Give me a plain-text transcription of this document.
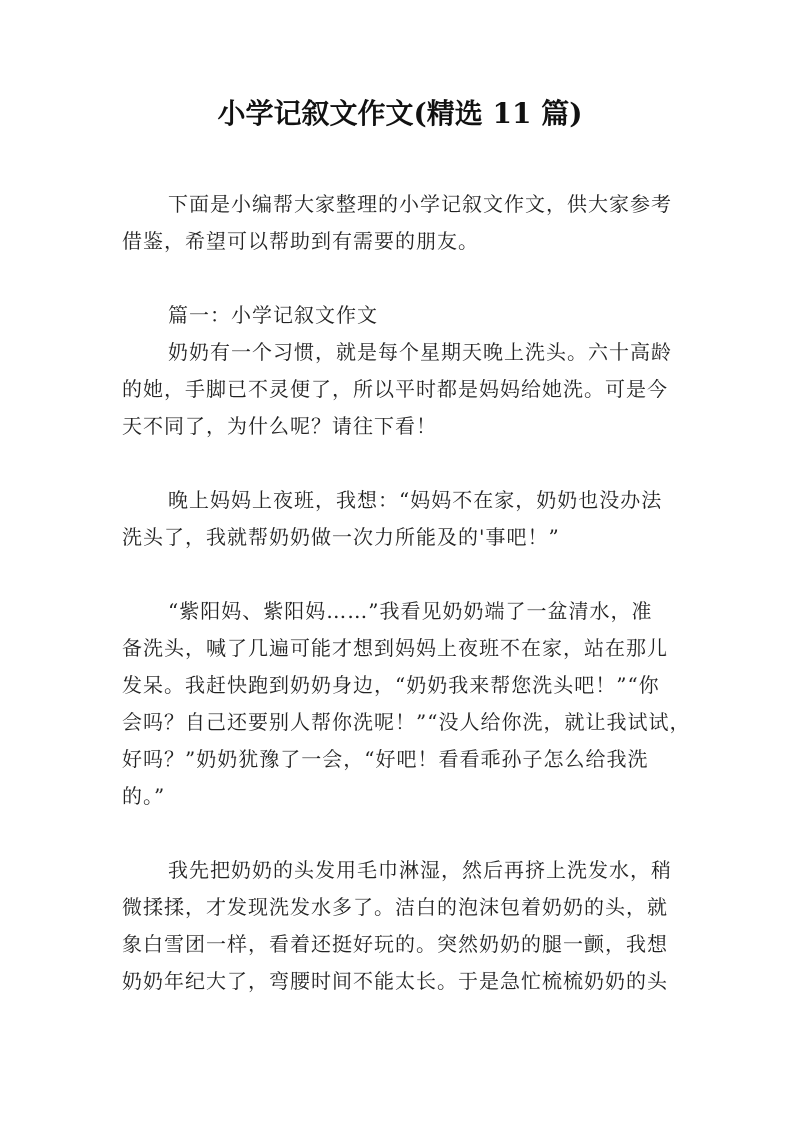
小学记叙文作文(精选 11 篇)
下面是小编帮大家整理的小学记叙文作文，供大家参考
借鉴，希望可以帮助到有需要的朋友。
篇一：小学记叙文作文
奶奶有一个习惯，就是每个星期天晚上洗头。六十高龄
的她，手脚已不灵便了，所以平时都是妈妈给她洗。可是今
天不同了，为什么呢？请往下看！
晚上妈妈上夜班，我想：“妈妈不在家，奶奶也没办法
洗头了，我就帮奶奶做一次力所能及的'事吧！”
“紫阳妈、紫阳妈……”我看见奶奶端了一盆清水，准
备洗头，喊了几遍可能才想到妈妈上夜班不在家，站在那儿
发呆。我赶快跑到奶奶身边，“奶奶我来帮您洗头吧！”“你
会吗？自己还要别人帮你洗呢！”“没人给你洗，就让我试试，
好吗？”奶奶犹豫了一会，“好吧！看看乖孙子怎么给我洗
的。”
我先把奶奶的头发用毛巾淋湿，然后再挤上洗发水，稍
微揉揉，才发现洗发水多了。洁白的泡沫包着奶奶的头，就
象白雪团一样，看着还挺好玩的。突然奶奶的腿一颤，我想
奶奶年纪大了，弯腰时间不能太长。于是急忙梳梳奶奶的头
